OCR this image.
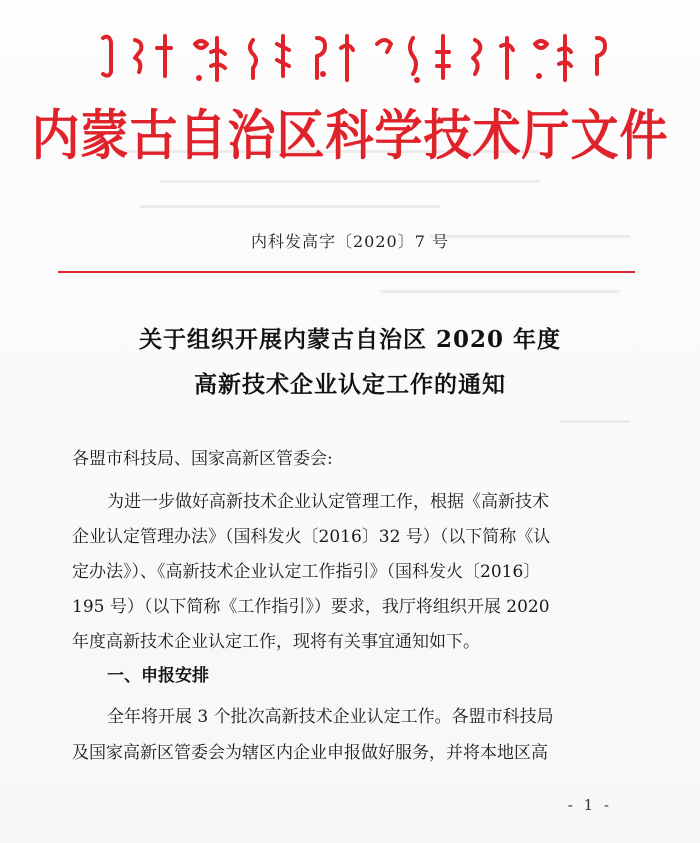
内蒙古自治区科学技术厅文件
内科发高字〔2020〕7 号
关于组织开展内蒙古自治区 2020 年度
高新技术企业认定工作的通知
各盟市科技局、国家高新区管委会:
为进一步做好高新技术企业认定管理工作，根据《高新技术
企业认定管理办法》（国科发火〔2016〕32 号）（以下简称《认
定办法》）、《高新技术企业认定工作指引》（国科发火〔2016〕
195 号）（以下简称《工作指引》）要求，我厅将组织开展 2020
年度高新技术企业认定工作，现将有关事宜通知如下。
一、申报安排
全年将开展 3 个批次高新技术企业认定工作。各盟市科技局
及国家高新区管委会为辖区内企业申报做好服务，并将本地区高
- 1 -
